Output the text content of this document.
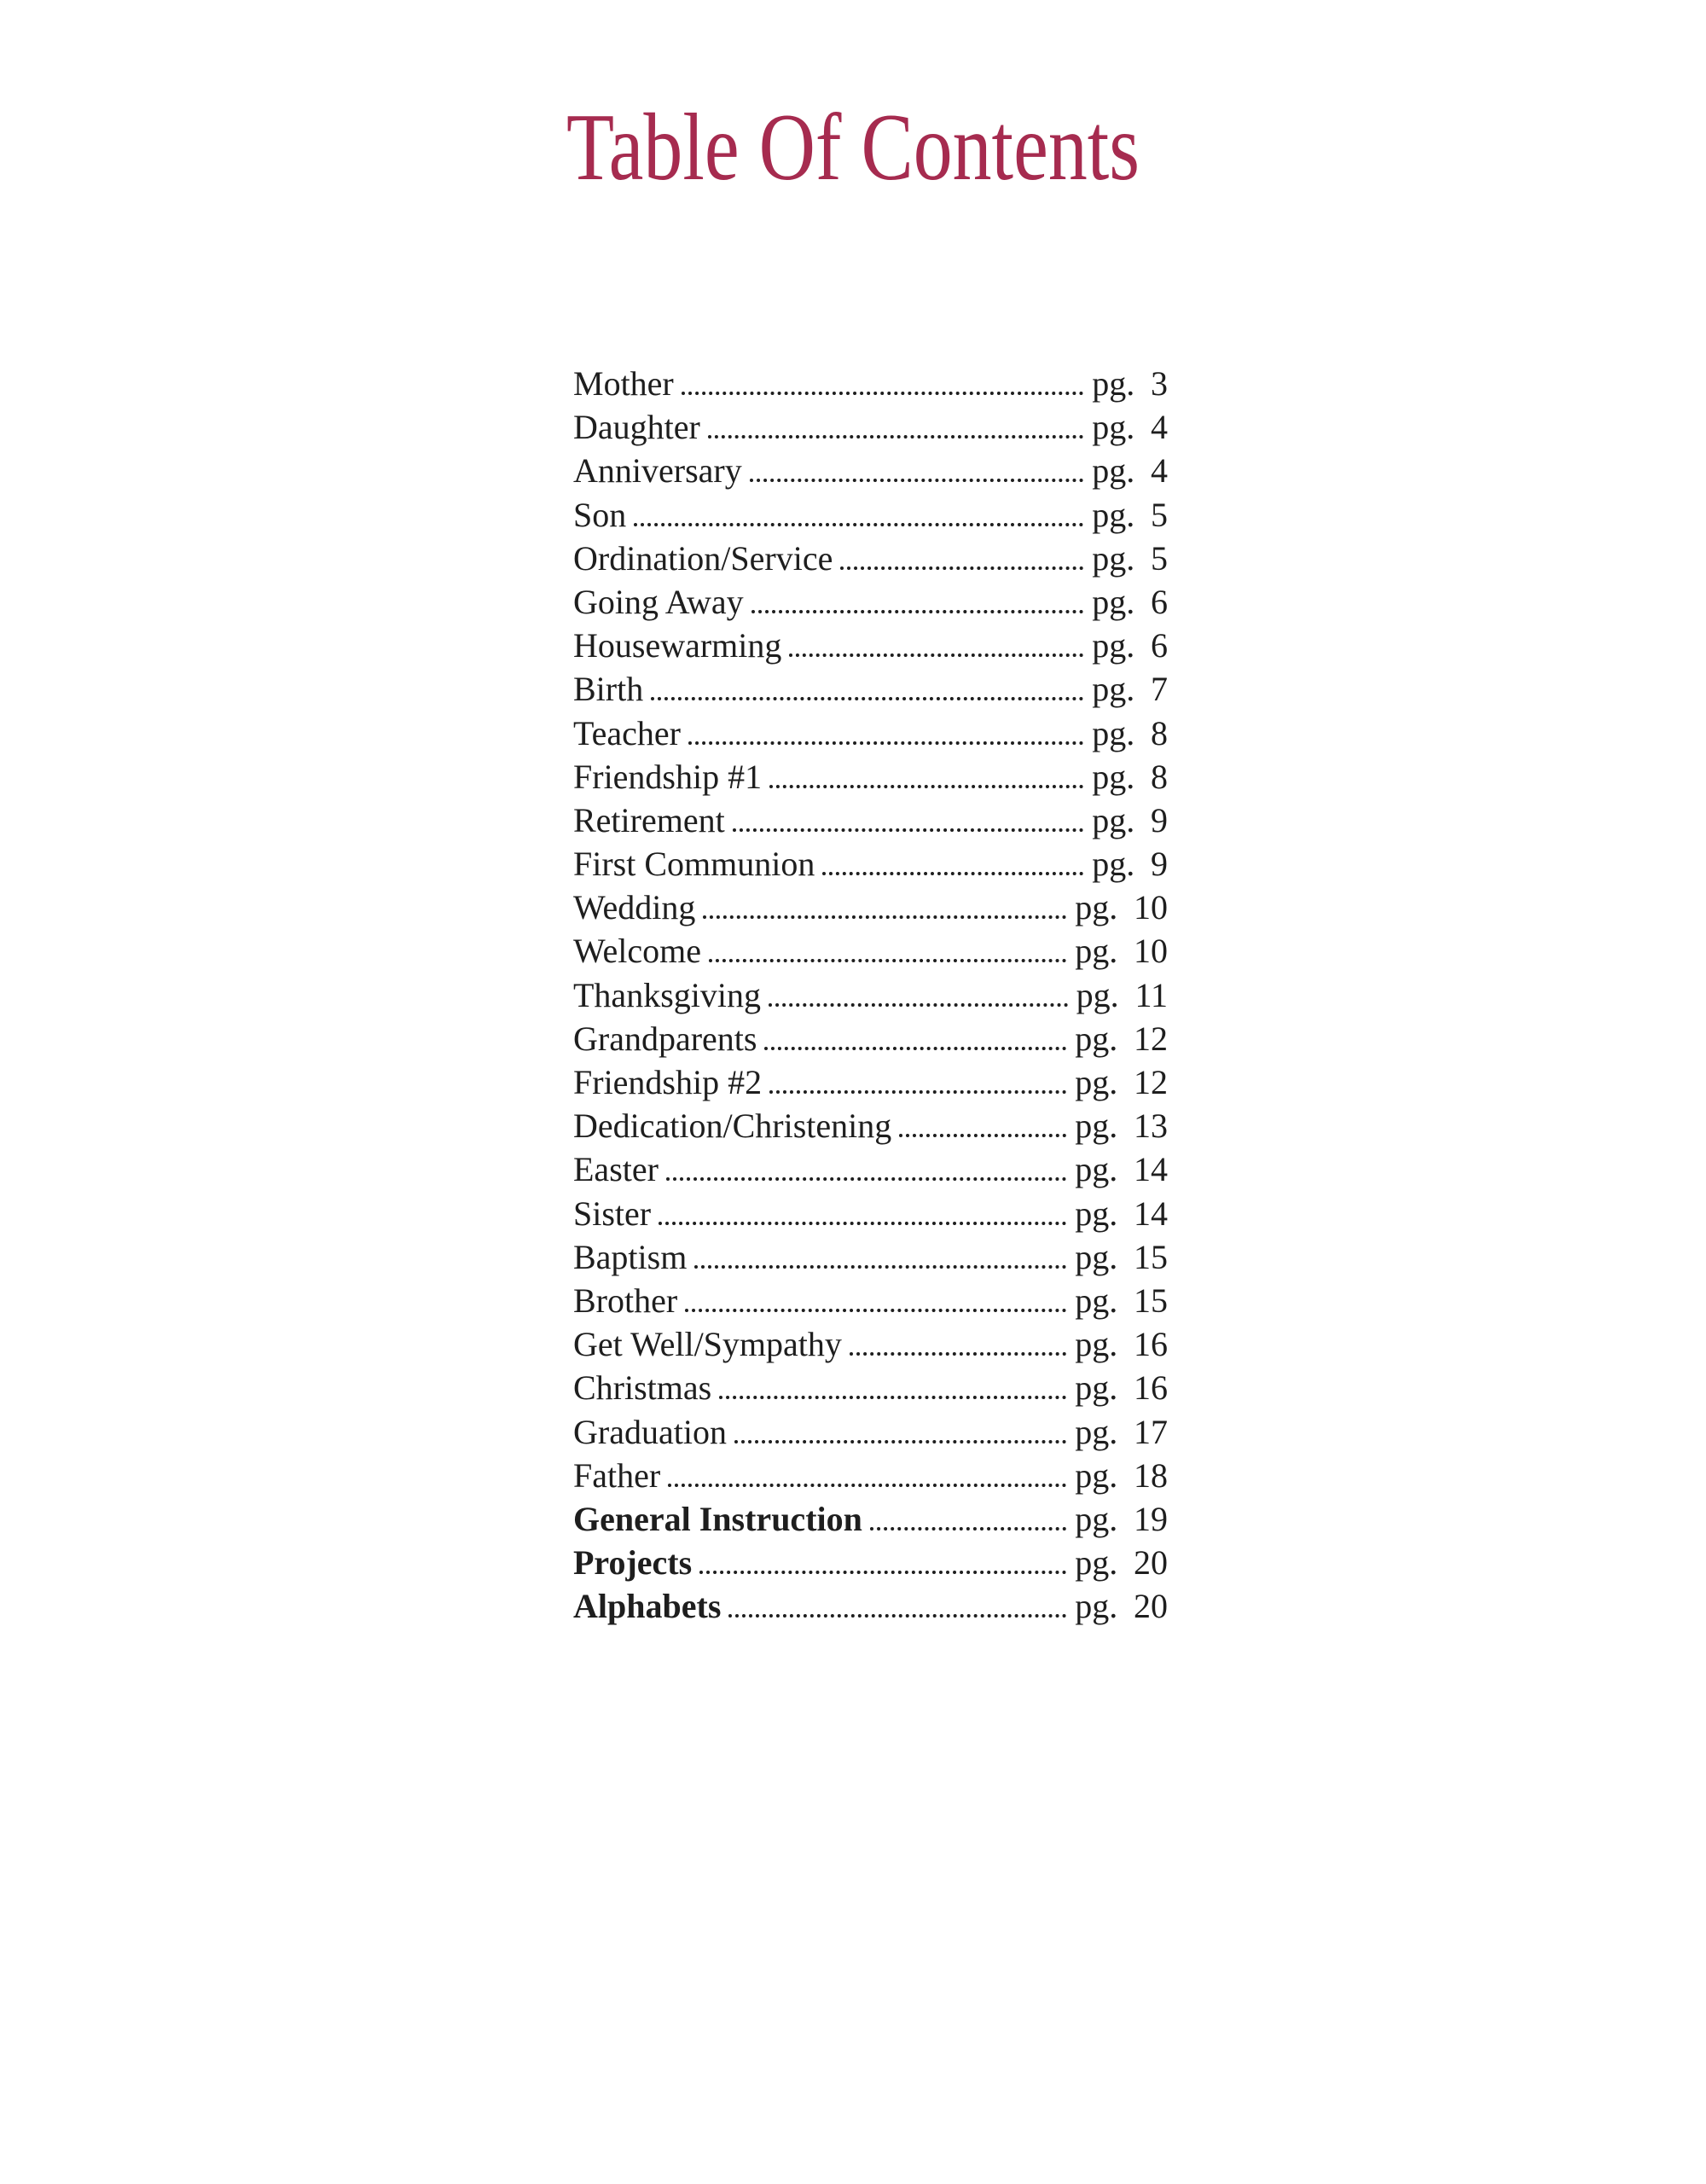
Table Of Contents
Mother	pg. 3
Daughter	pg. 4
Anniversary	pg. 4
Son	pg. 5
Ordination/Service	pg. 5
Going Away	pg. 6
Housewarming	pg. 6
Birth	pg. 7
Teacher	pg. 8
Friendship #1	pg. 8
Retirement	pg. 9
First Communion	pg. 9
Wedding	pg. 10
Welcome	pg. 10
Thanksgiving	pg. 11
Grandparents	pg. 12
Friendship #2	pg. 12
Dedication/Christening	pg. 13
Easter	pg. 14
Sister	pg. 14
Baptism	pg. 15
Brother	pg. 15
Get Well/Sympathy	pg. 16
Christmas	pg. 16
Graduation	pg. 17
Father	pg. 18
General Instruction	pg. 19
Projects	pg. 20
Alphabets	pg. 20
